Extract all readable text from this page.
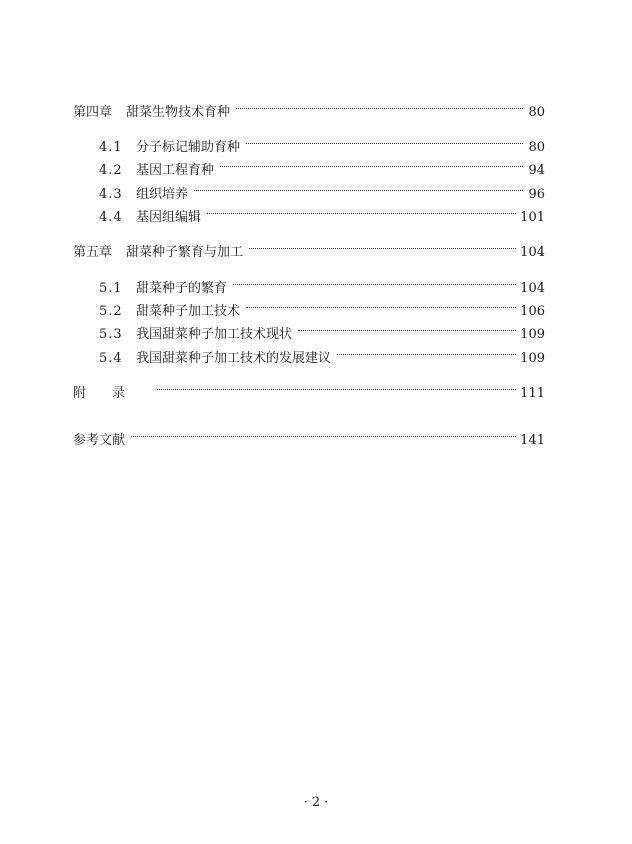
第四章 甜菜生物技术育种	80
4.1	分子标记辅助育种	80
4.2	基因工程育种	94
4.3	组织培养	96
4.4	基因组编辑	101
第五章 甜菜种子繁育与加工	104
5.1	甜菜种子的繁育	104
5.2	甜菜种子加工技术	106
5.3	我国甜菜种子加工技术现状	109
5.4	我国甜菜种子加工技术的发展建议	109
附录	111
参考文献	141
· 2 ·
